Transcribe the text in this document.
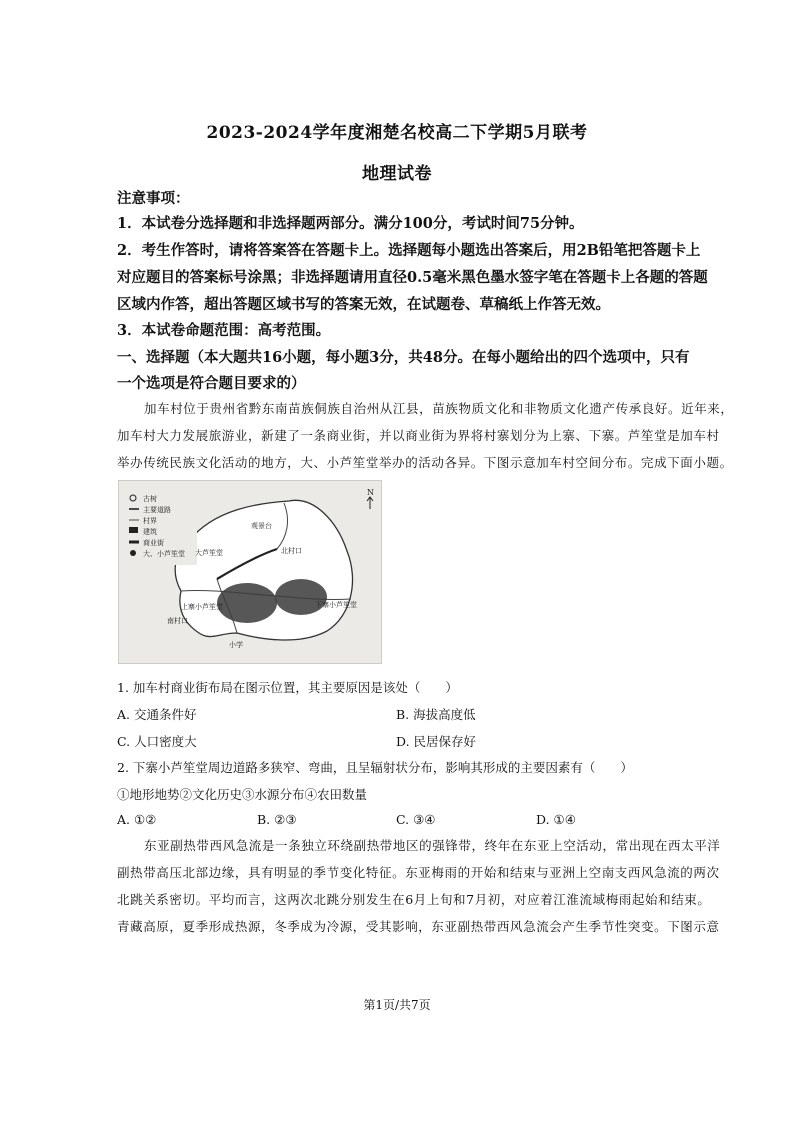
2023-2024学年度湘楚名校高二下学期5月联考
地理试卷
注意事项：
1．本试卷分选择题和非选择题两部分。满分100分，考试时间75分钟。
2．考生作答时，请将答案答在答题卡上。选择题每小题选出答案后，用2B铅笔把答题卡上
对应题目的答案标号涂黑；非选择题请用直径0.5毫米黑色墨水签字笔在答题卡上各题的答题
区域内作答，超出答题区域书写的答案无效，在试题卷、草稿纸上作答无效。
3．本试卷命题范围：高考范围。
一、选择题（本大题共16小题，每小题3分，共48分。在每小题给出的四个选项中，只有
一个选项是符合题目要求的）
加车村位于贵州省黔东南苗族侗族自治州从江县，苗族物质文化和非物质文化遗产传承良好。近年来，
加车村大力发展旅游业，新建了一条商业街，并以商业街为界将村寨划分为上寨、下寨。芦笙堂是加车村
举办传统民族文化活动的地方，大、小芦笙堂举办的活动各异。下图示意加车村空间分布。完成下面小题。
古树
主要道路
村界
建筑
商业街
大、小芦笙堂
N
观景台
大芦笙堂	北村口
上寨小芦笙堂	下寨小芦笙堂
南村口
小学
1. 加车村商业街布局在图示位置，其主要原因是该处（　　）
A. 交通条件好	B. 海拔高度低
C. 人口密度大	D. 民居保存好
2. 下寨小芦笙堂周边道路多狭窄、弯曲，且呈辐射状分布，影响其形成的主要因素有（　　）
①地形地势②文化历史③水源分布④农田数量
A. ①②	B. ②③	C. ③④	D. ①④
东亚副热带西风急流是一条独立环绕副热带地区的强锋带，终年在东亚上空活动，常出现在西太平洋
副热带高压北部边缘，具有明显的季节变化特征。东亚梅雨的开始和结束与亚洲上空南支西风急流的两次
北跳关系密切。平均而言，这两次北跳分别发生在6月上旬和7月初，对应着江淮流域梅雨起始和结束。
青藏高原，夏季形成热源，冬季成为冷源，受其影响，东亚副热带西风急流会产生季节性突变。下图示意
第1页/共7页
